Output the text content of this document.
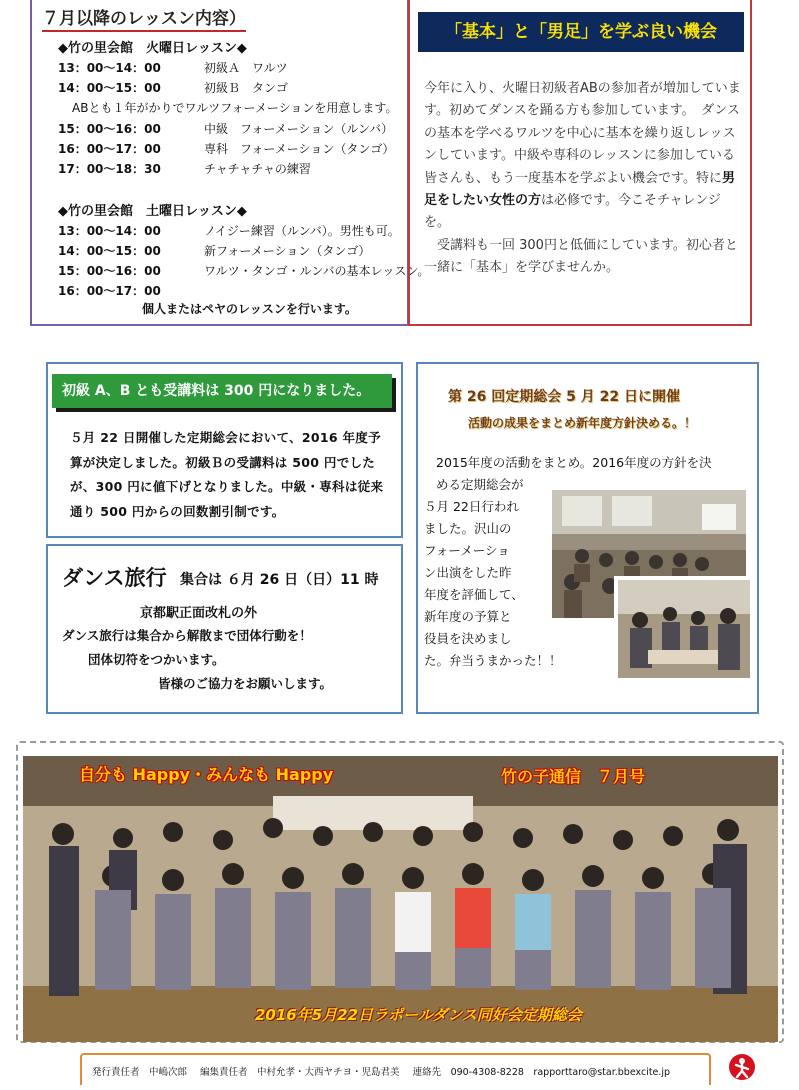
７月以降のレッスン内容）
◆竹の里会館　火曜日レッスン◆
13：00～14：00	初級Ａ　ワルツ
14：00～15：00	初級Ｂ　タンゴ
ABとも１年がかりでワルツフォーメーションを用意します。
15：00～16：00	中級　フォーメーション（ルンバ）
16：00～17：00	専科　フォーメーション（タンゴ）
17：00～18：30	チャチャチャの練習
◆竹の里会館　土曜日レッスン◆
13：00～14：00	ノイジー練習（ルンバ）。男性も可。
14：00～15：00	新フォーメーション（タンゴ）
15：00～16：00	ワルツ・タンゴ・ルンバの基本レッスン。
16：00～17：00
個人またはペヤのレッスンを行います。
「基本」と「男足」を学ぶ良い機会
今年に入り、火曜日初級者ABの参加者が増加しています。初めてダンスを踊る方も参加しています。　ダンスの基本を学べるワルツを中心に基本を繰り返しレッスンしています。中級や専科のレッスンに参加している皆さんも、もう一度基本を学ぶよい機会です。特に男足をしたい女性の方は必修です。今こそチャレンジを。
 受講料も一回 300円と低価にしています。初心者と一緒に「基本」を学びませんか。
初級 A、B とも受講料は 300 円になりました。
５月 22 日開催した定期総会において、2016 年度予算が決定しました。初級Ｂの受講料は 500 円でしたが、300 円に値下げとなりました。中級・専科は従来通り 500 円からの回数割引制です。
ダンス旅行 集合は ６月 26 日（日）11 時
京都駅正面改札の外
ダンス旅行は集合から解散まで団体行動を！
団体切符をつかいます。
皆様のご協力をお願いします。
第 26 回定期総会 5 月 22 日に開催
活動の成果をまとめ新年度方針決める。！
2015年度の活動をまとめ。2016年度の方針を決
める定期総会が
５月 22日行われ
ました。沢山の
フォーメーショ
ン出演をした昨
年度を評価して、
新年度の予算と
役員を決めまし
た。弁当うまかった！！
自分も Happy・みんなも Happy	竹の子通信　７月号
2016年5月22日ラポールダンス同好会定期総会
発行責任者　中嶋次郎 編集責任者　中村允孝・大西ヤチヨ・児島君美 連絡先　090-4308-8228　rapporttaro@star.bbexcite.jp
